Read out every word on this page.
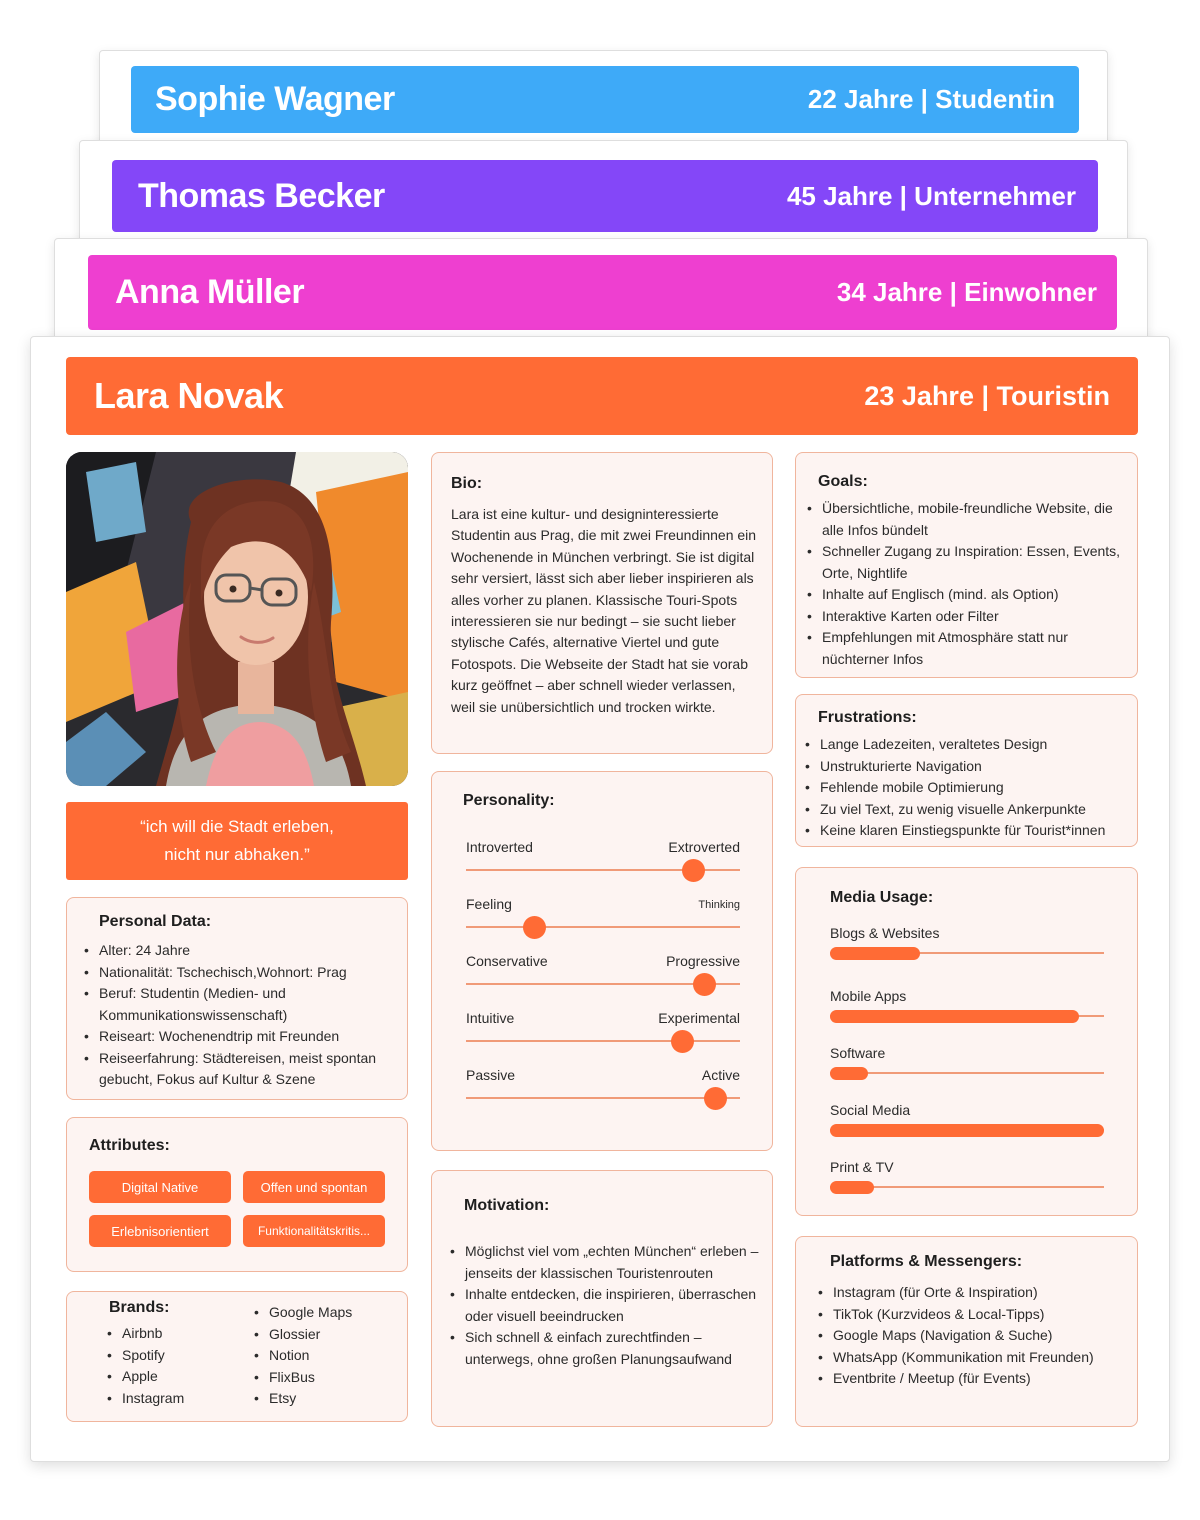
Sophie Wagner	22 Jahre | Studentin
Thomas Becker	45 Jahre | Unternehmer
Anna Müller	34 Jahre | Einwohner
Lara Novak	23 Jahre | Touristin
“ich will die Stadt erleben,
nicht nur abhaken.”
Personal Data:
• Alter: 24 Jahre
• Nationalität: Tschechisch,Wohnort: Prag
• Beruf: Studentin (Medien- und Kommunikationswissenschaft)
• Reiseart: Wochenendtrip mit Freunden
• Reiseerfahrung: Städtereisen, meist spontan gebucht, Fokus auf Kultur & Szene
Attributes:
Digital Native	Offen und spontan
Erlebnisorientiert	Funktionalitätskritis...
Brands:
• Airbnb
• Spotify
• Apple
• Instagram
• Google Maps
• Glossier
• Notion
• FlixBus
• Etsy
Bio:

Lara ist eine kultur- und designinteressierte Studentin aus Prag, die mit zwei Freundinnen ein Wochenende in München verbringt. Sie ist digital sehr versiert, lässt sich aber lieber inspirieren als alles vorher zu planen. Klassische Touri-Spots interessieren sie nur bedingt – sie sucht lieber stylische Cafés, alternative Viertel und gute Fotospots. Die Webseite der Stadt hat sie vorab kurz geöffnet – aber schnell wieder verlassen, weil sie unübersichtlich und trocken wirkte.

Personality:
Introverted	Extroverted
Feeling	Thinking
Conservative	Progressive
Intuitive	Experimental
Passive	Active
Motivation:
• Möglichst viel vom „echten München“ erleben – jenseits der klassischen Touristenrouten
• Inhalte entdecken, die inspirieren, überraschen oder visuell beeindrucken
• Sich schnell & einfach zurechtfinden – unterwegs, ohne großen Planungsaufwand
Goals:
• Übersichtliche, mobile-freundliche Website, die alle Infos bündelt
• Schneller Zugang zu Inspiration: Essen, Events, Orte, Nightlife
• Inhalte auf Englisch (mind. als Option)
• Interaktive Karten oder Filter
• Empfehlungen mit Atmosphäre statt nur nüchterner Infos
Frustrations:
• Lange Ladezeiten, veraltetes Design
• Unstrukturierte Navigation
• Fehlende mobile Optimierung
• Zu viel Text, zu wenig visuelle Ankerpunkte
• Keine klaren Einstiegspunkte für Tourist*innen
Media Usage:
Blogs & Websites
Mobile Apps
Software
Social Media
Print & TV
Platforms & Messengers:
• Instagram (für Orte & Inspiration)
• TikTok (Kurzvideos & Local-Tipps)
• Google Maps (Navigation & Suche)
• WhatsApp (Kommunikation mit Freunden)
• Eventbrite / Meetup (für Events)
